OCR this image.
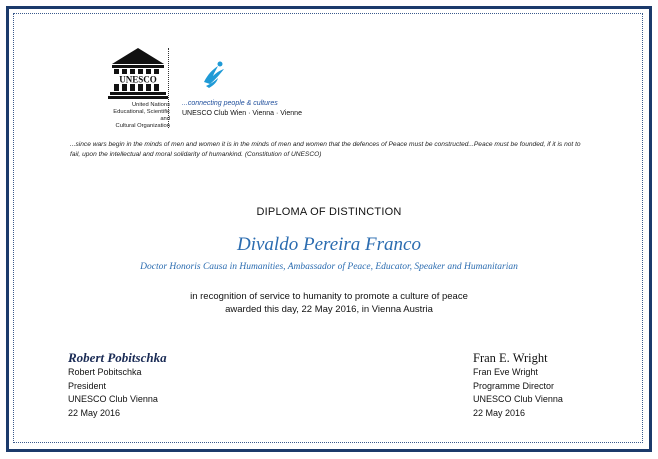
UNESCO
United Nations
Educational, Scientific and
Cultural Organization
...connecting people & cultures
UNESCO Club Wien · Vienna · Vienne
...since wars begin in the minds of men and women it is in the minds of men and women that the defences of Peace must be constructed...Peace must be founded, if it is not to fail, upon the intellectual and moral solidarity of humankind. (Constitution of UNESCO)
DIPLOMA OF DISTINCTION
Divaldo Pereira Franco
Doctor Honoris Causa in Humanities, Ambassador of Peace, Educator, Speaker and Humanitarian
in recognition of service to humanity to promote a culture of peace
awarded this day, 22 May 2016, in Vienna Austria
Robert Pobitschka
Robert Pobitschka
President
UNESCO Club Vienna
22 May 2016
Fran E. Wright
Fran Eve Wright
Programme Director
UNESCO Club Vienna
22 May 2016
